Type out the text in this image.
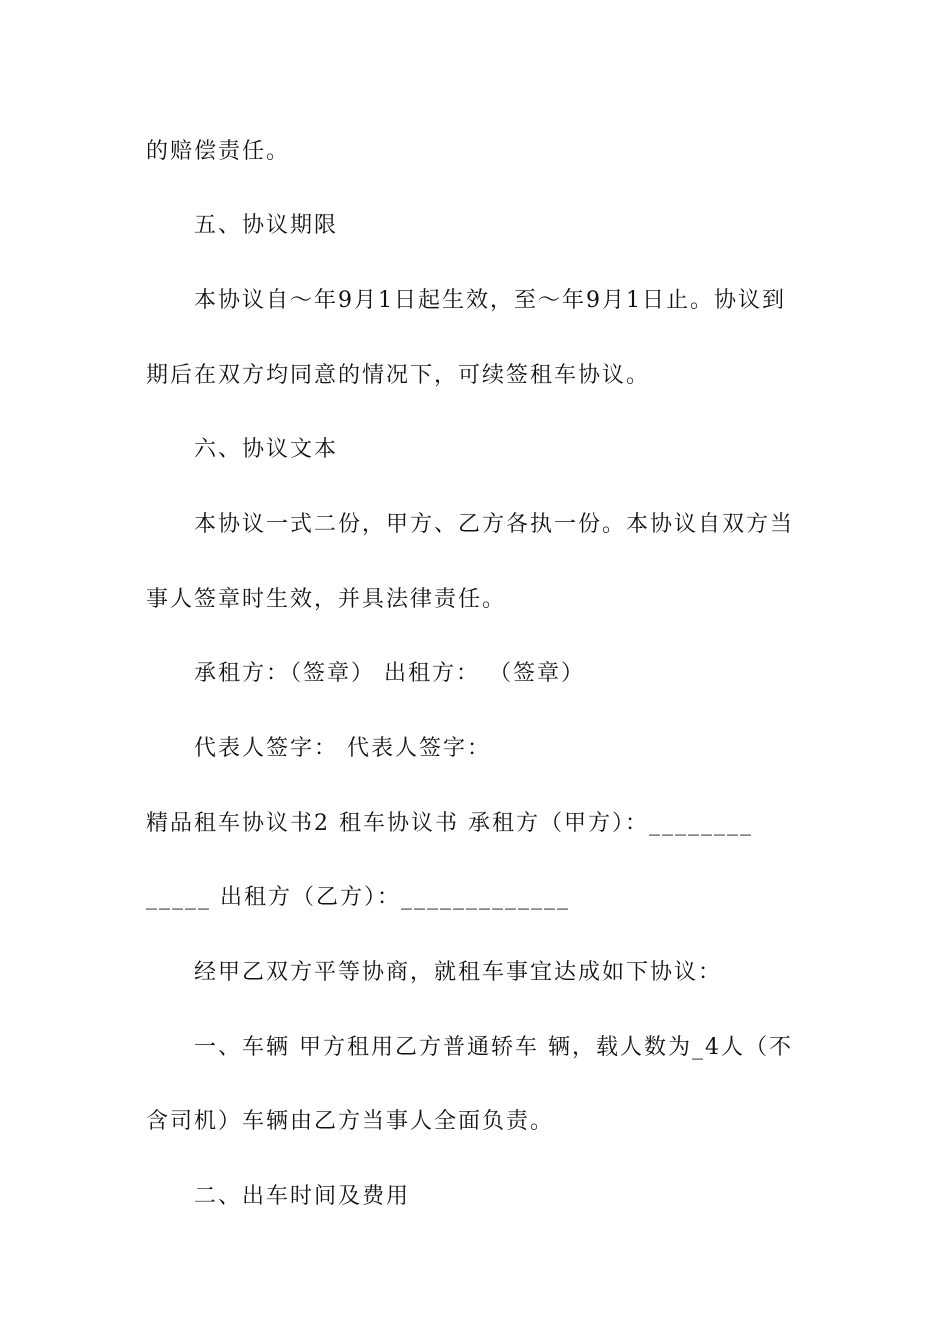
的赔偿责任。
五、协议期限
本协议自～年9月1日起生效，至～年9月1日止。协议到
期后在双方均同意的情况下，可续签租车协议。
六、协议文本
本协议一式二份，甲方、乙方各执一份。本协议自双方当
事人签章时生效，并具法律责任。
承租方：（签章） 出租方： （签章）
代表人签字： 代表人签字：
精品租车协议书2 租车协议书 承租方（甲方）：________
_____ 出租方（乙方）：_____________
经甲乙双方平等协商，就租车事宜达成如下协议：
一、车辆 甲方租用乙方普通轿车 辆，载人数为_4人（不
含司机）车辆由乙方当事人全面负责。
二、出车时间及费用
